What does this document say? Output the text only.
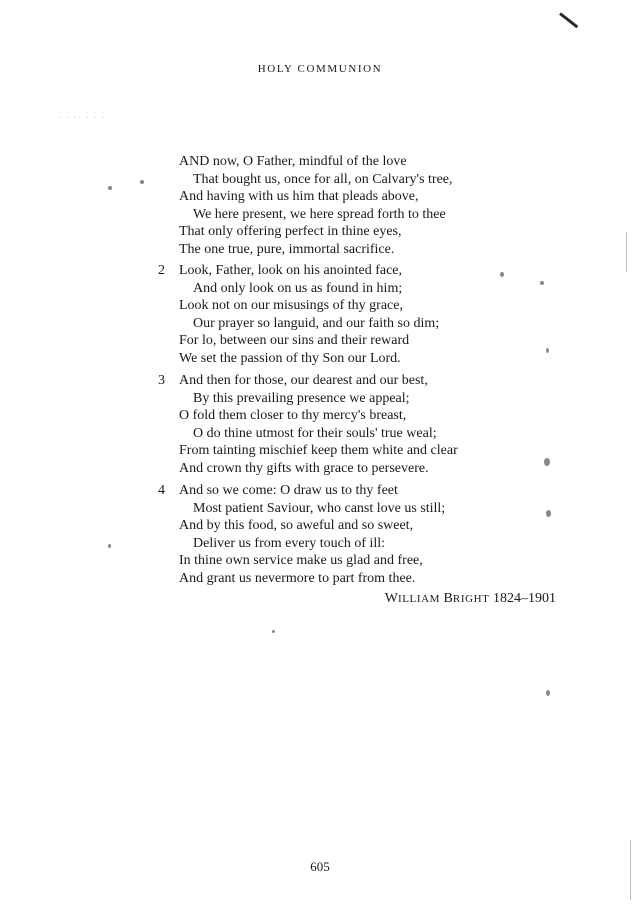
· · ·· · · ·
HOLY COMMUNION
AND now, O Father, mindful of the love
That bought us, once for all, on Calvary's tree,
And having with us him that pleads above,
We here present, we here spread forth to thee
That only offering perfect in thine eyes,
The one true, pure, immortal sacrifice.
2 Look, Father, look on his anointed face,
And only look on us as found in him;
Look not on our misusings of thy grace,
Our prayer so languid, and our faith so dim;
For lo, between our sins and their reward
We set the passion of thy Son our Lord.
3 And then for those, our dearest and our best,
By this prevailing presence we appeal;
O fold them closer to thy mercy's breast,
O do thine utmost for their souls' true weal;
From tainting mischief keep them white and clear
And crown thy gifts with grace to persevere.
4 And so we come: O draw us to thy feet
Most patient Saviour, who canst love us still;
And by this food, so aweful and so sweet,
Deliver us from every touch of ill:
In thine own service make us glad and free,
And grant us nevermore to part from thee.
WILLIAM BRIGHT 1824–1901
605
